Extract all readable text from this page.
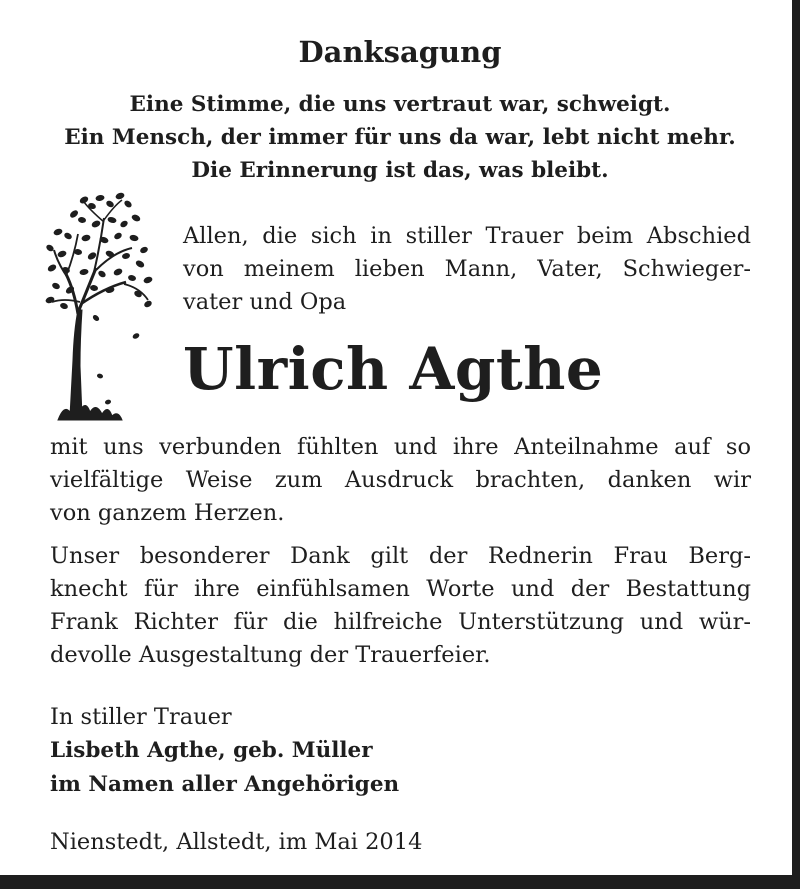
Danksagung
Eine Stimme, die uns vertraut war, schweigt.
Ein Mensch, der immer für uns da war, lebt nicht mehr.
Die Erinnerung ist das, was bleibt.
Allen, die sich in stiller Trauer beim Abschied
von meinem lieben Mann, Vater, Schwieger-
vater und Opa
Ulrich Agthe
mit uns verbunden fühlten und ihre Anteilnahme auf so
vielfältige Weise zum Ausdruck brachten, danken wir
von ganzem Herzen.
Unser besonderer Dank gilt der Rednerin Frau Berg-
knecht für ihre einfühlsamen Worte und der Bestattung
Frank Richter für die hilfreiche Unterstützung und wür-
devolle Ausgestaltung der Trauerfeier.
In stiller Trauer
Lisbeth Agthe, geb. Müller
im Namen aller Angehörigen
Nienstedt, Allstedt, im Mai 2014
